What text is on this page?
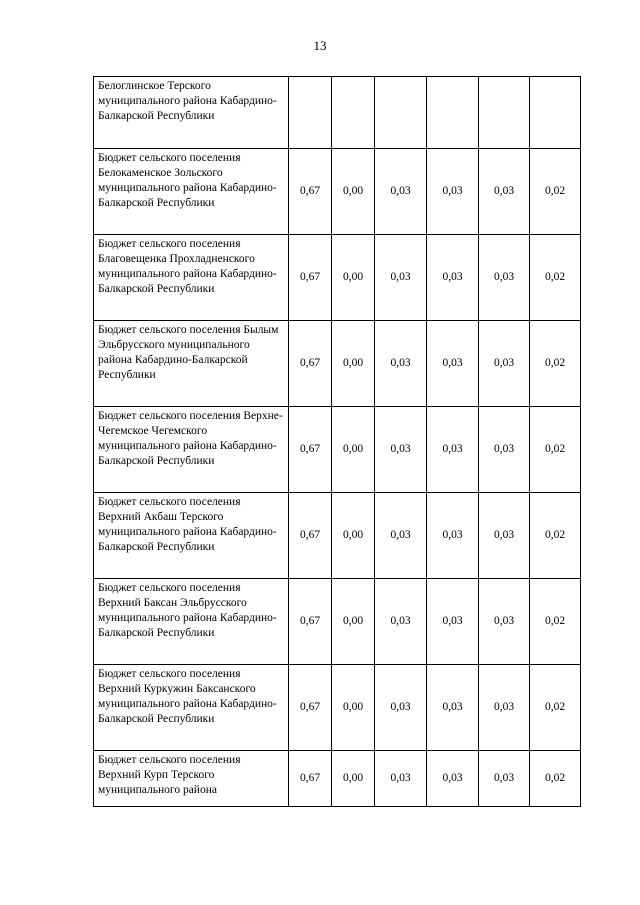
13
Белоглинское Терского муниципального района Кабардино-Балкарской Республики						
Бюджет сельского поселения Белокаменское Зольского муниципального района Кабардино-Балкарской Республики	0,67	0,00	0,03	0,03	0,03	0,02
Бюджет сельского поселения Благовещенка Прохладненского муниципального района Кабардино-Балкарской Республики	0,67	0,00	0,03	0,03	0,03	0,02
Бюджет сельского поселения Былым Эльбрусского муниципального района Кабардино-Балкарской Республики	0,67	0,00	0,03	0,03	0,03	0,02
Бюджет сельского поселения Верхне-Чегемское Чегемского муниципального района Кабардино-Балкарской Республики	0,67	0,00	0,03	0,03	0,03	0,02
Бюджет сельского поселения Верхний Акбаш Терского муниципального района Кабардино-Балкарской Республики	0,67	0,00	0,03	0,03	0,03	0,02
Бюджет сельского поселения Верхний Баксан Эльбрусского муниципального района Кабардино-Балкарской Республики	0,67	0,00	0,03	0,03	0,03	0,02
Бюджет сельского поселения Верхний Куркужин Баксанского муниципального района Кабардино-Балкарской Республики	0,67	0,00	0,03	0,03	0,03	0,02
Бюджет сельского поселения Верхний Курп Терского муниципального района	0,67	0,00	0,03	0,03	0,03	0,02
